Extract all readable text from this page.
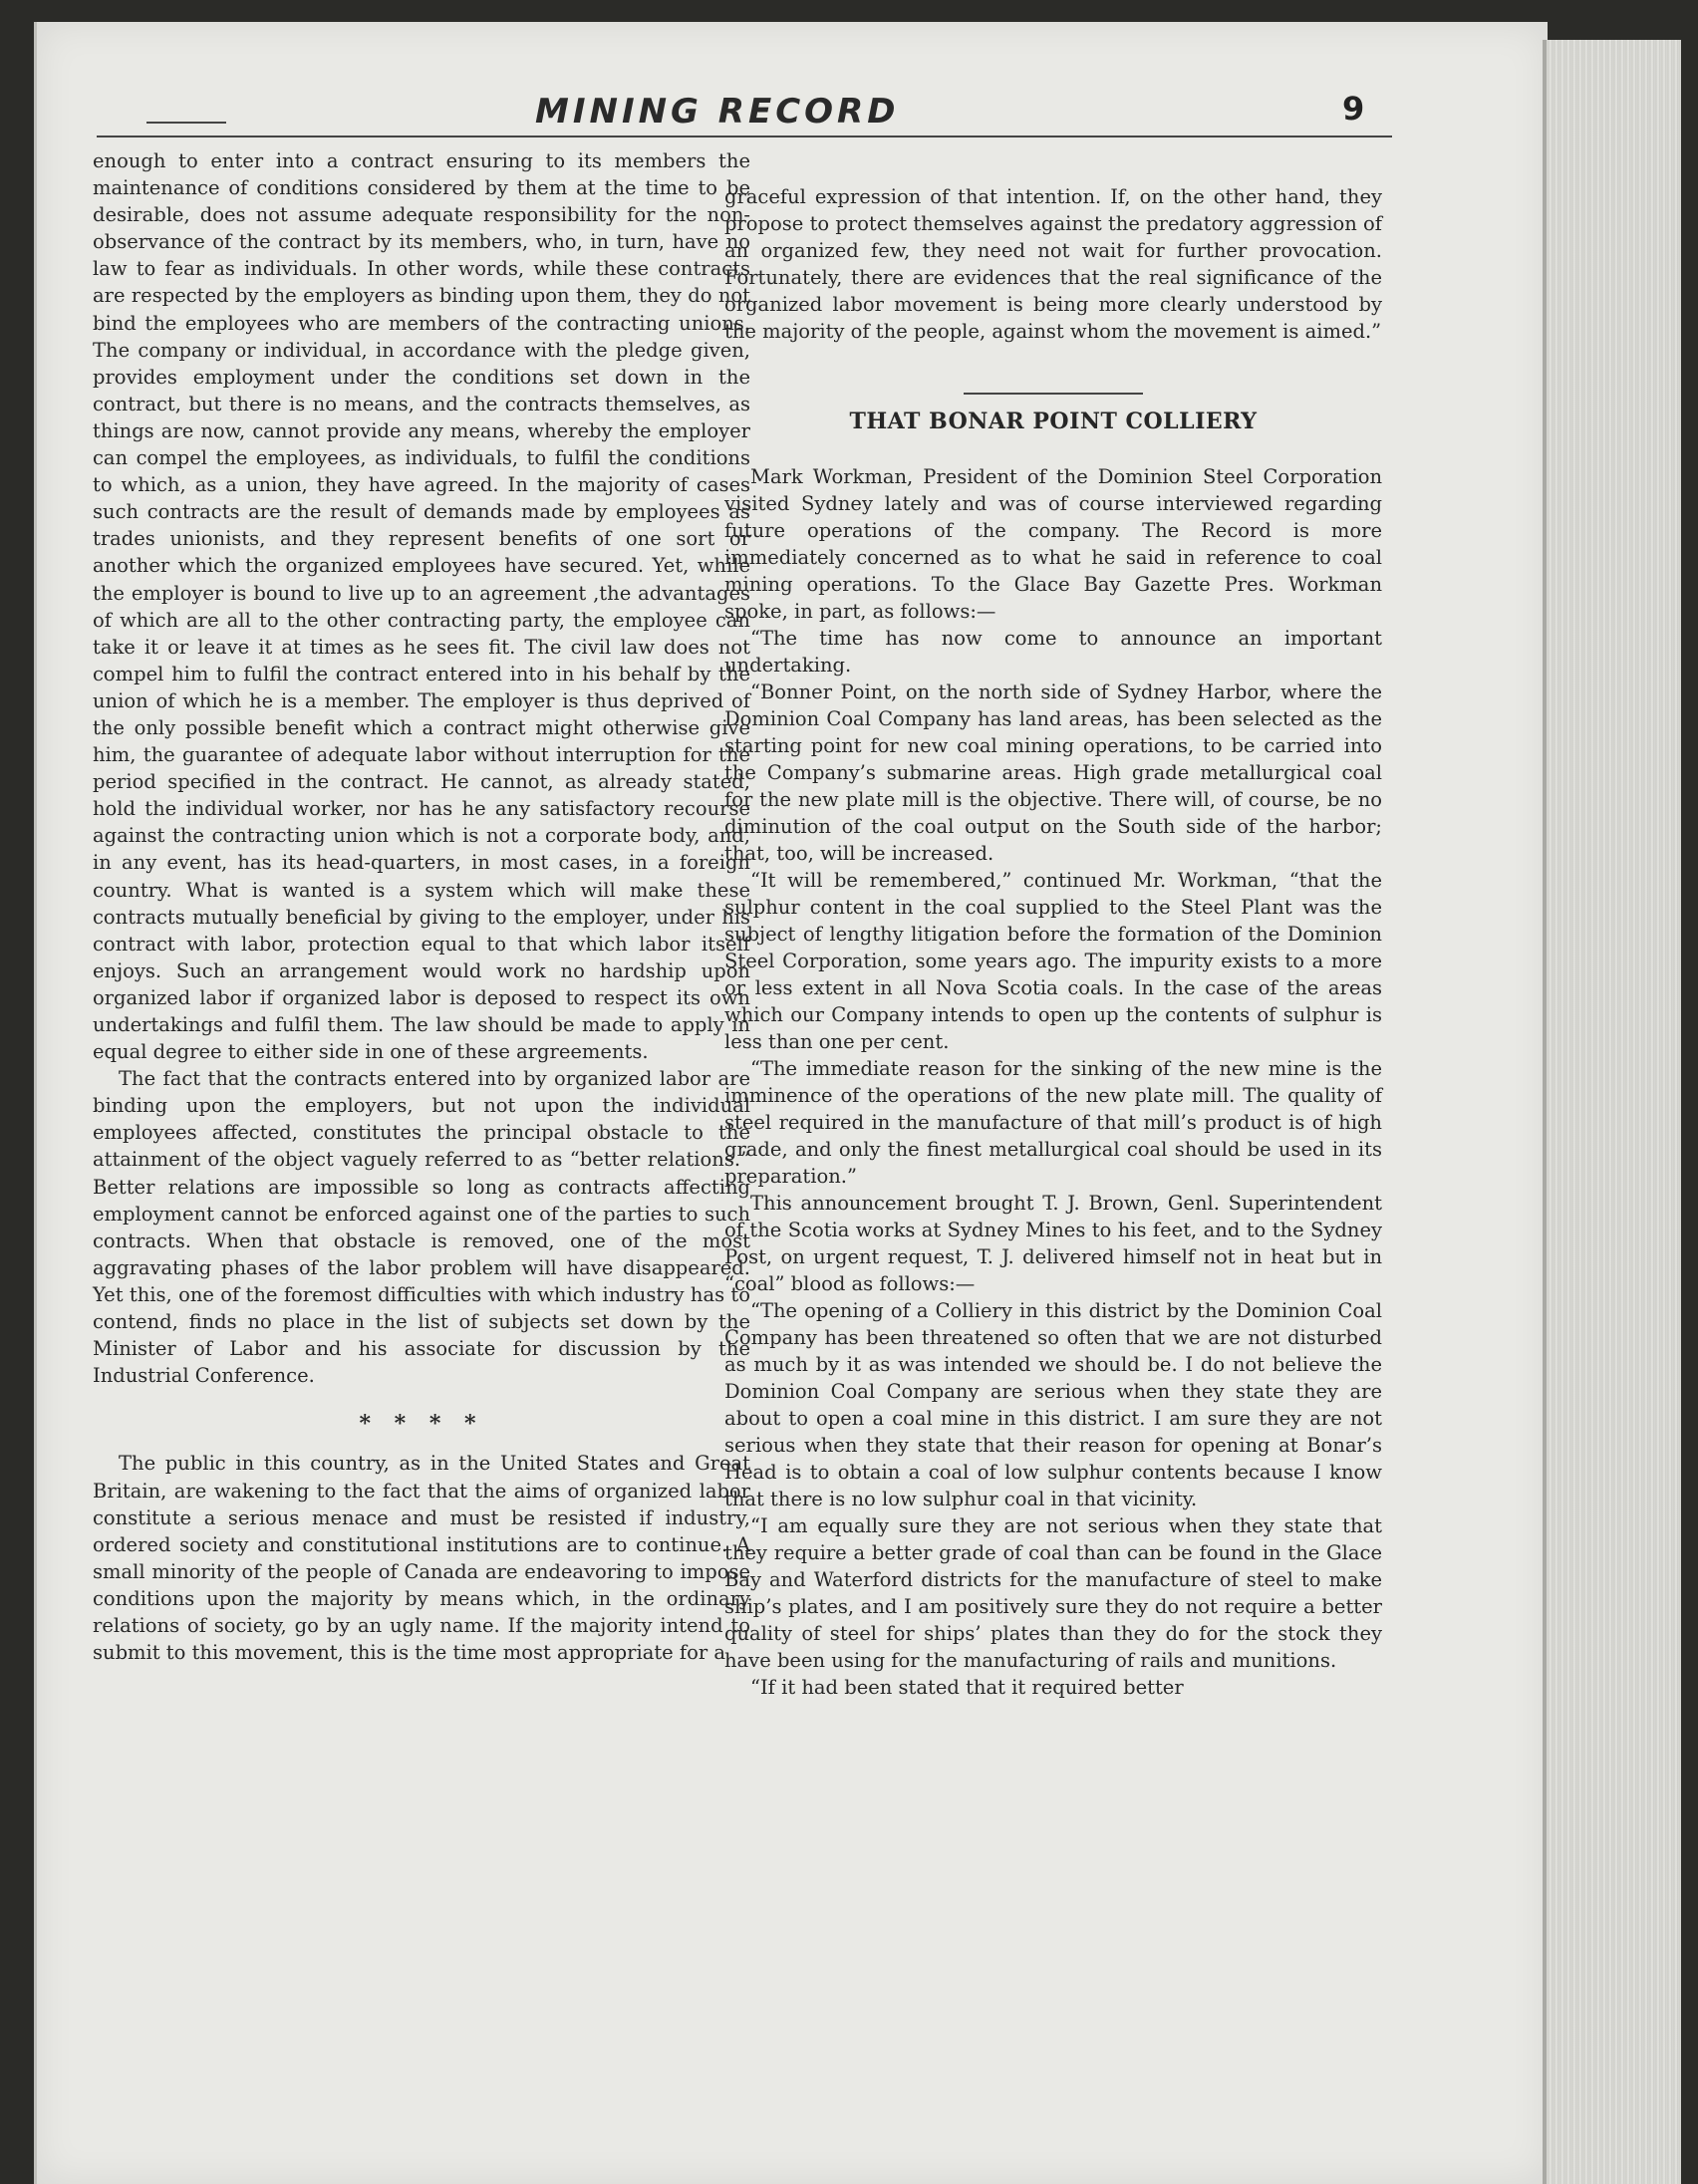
MINING RECORD	9

enough to enter into a contract ensuring to its members the maintenance of conditions considered by them at the time to be desirable, does not assume adequate responsibility for the non-observance of the contract by its members, who, in turn, have no law to fear as individuals. In other words, while these contracts are respected by the employers as binding upon them, they do not bind the employees who are members of the contracting unions. The company or individual, in accordance with the pledge given, provides employment under the conditions set down in the contract, but there is no means, and the contracts themselves, as things are now, cannot provide any means, whereby the employer can compel the employees, as individuals, to fulfil the conditions to which, as a union, they have agreed. In the majority of cases such contracts are the result of demands made by employees as trades unionists, and they represent benefits of one sort or another which the organized employees have secured. Yet, while the employer is bound to live up to an agreement ,the advantages of which are all to the other contracting party, the employee can take it or leave it at times as he sees fit. The civil law does not compel him to fulfil the contract entered into in his behalf by the union of which he is a member. The employer is thus deprived of the only possible benefit which a contract might otherwise give him, the guarantee of adequate labor without interruption for the period specified in the contract. He cannot, as already stated, hold the individual worker, nor has he any satisfactory recourse against the contracting union which is not a corporate body, and, in any event, has its head-quarters, in most cases, in a foreign country. What is wanted is a system which will make these contracts mutually beneficial by giving to the employer, under his contract with labor, protection equal to that which labor itself enjoys. Such an arrangement would work no hardship upon organized labor if organized labor is deposed to respect its own undertakings and fulfil them. The law should be made to apply in equal degree to either side in one of these argreements.

The fact that the contracts entered into by organized labor are binding upon the employers, but not upon the individual employees affected, constitutes the principal obstacle to the attainment of the object vaguely referred to as “better relations.” Better relations are impossible so long as contracts affecting employment cannot be enforced against one of the parties to such contracts. When that obstacle is removed, one of the most aggravating phases of the labor problem will have disappeared. Yet this, one of the foremost difficulties with which industry has to contend, finds no place in the list of subjects set down by the Minister of Labor and his associate for discussion by the Industrial Conference.

* * * *

The public in this country, as in the United States and Great Britain, are wakening to the fact that the aims of organized labor constitute a serious menace and must be resisted if industry, ordered society and constitutional institutions are to continue. A small minority of the people of Canada are endeavoring to impose conditions upon the majority by means which, in the ordinary relations of society, go by an ugly name. If the majority intend to submit to this movement, this is the time most appropriate for a

graceful expression of that intention. If, on the other hand, they propose to protect themselves against the predatory aggression of an organized few, they need not wait for further provocation. Fortunately, there are evidences that the real significance of the organized labor movement is being more clearly understood by the majority of the people, against whom the movement is aimed.”

THAT BONAR POINT COLLIERY

Mark Workman, President of the Dominion Steel Corporation visited Sydney lately and was of course interviewed regarding future operations of the company. The Record is more immediately concerned as to what he said in reference to coal mining operations. To the Glace Bay Gazette Pres. Workman spoke, in part, as follows:—

“The time has now come to announce an important undertaking.

“Bonner Point, on the north side of Sydney Harbor, where the Dominion Coal Company has land areas, has been selected as the starting point for new coal mining operations, to be carried into the Company’s submarine areas. High grade metallurgical coal for the new plate mill is the objective. There will, of course, be no diminution of the coal output on the South side of the harbor; that, too, will be increased.

“It will be remembered,” continued Mr. Workman, “that the sulphur content in the coal supplied to the Steel Plant was the subject of lengthy litigation before the formation of the Dominion Steel Corporation, some years ago. The impurity exists to a more or less extent in all Nova Scotia coals. In the case of the areas which our Company intends to open up the contents of sulphur is less than one per cent.

“The immediate reason for the sinking of the new mine is the imminence of the operations of the new plate mill. The quality of steel required in the manufacture of that mill’s product is of high grade, and only the finest metallurgical coal should be used in its preparation.”

This announcement brought T. J. Brown, Genl. Superintendent of the Scotia works at Sydney Mines to his feet, and to the Sydney Post, on urgent request, T. J. delivered himself not in heat but in “coal” blood as follows:—

“The opening of a Colliery in this district by the Dominion Coal Company has been threatened so often that we are not disturbed as much by it as was intended we should be. I do not believe the Dominion Coal Company are serious when they state they are about to open a coal mine in this district. I am sure they are not serious when they state that their reason for opening at Bonar’s Head is to obtain a coal of low sulphur contents because I know that there is no low sulphur coal in that vicinity.

“I am equally sure they are not serious when they state that they require a better grade of coal than can be found in the Glace Bay and Waterford districts for the manufacture of steel to make ship’s plates, and I am positively sure they do not require a better quality of steel for ships’ plates than they do for the stock they have been using for the manufacturing of rails and munitions.

“If it had been stated that it required better
